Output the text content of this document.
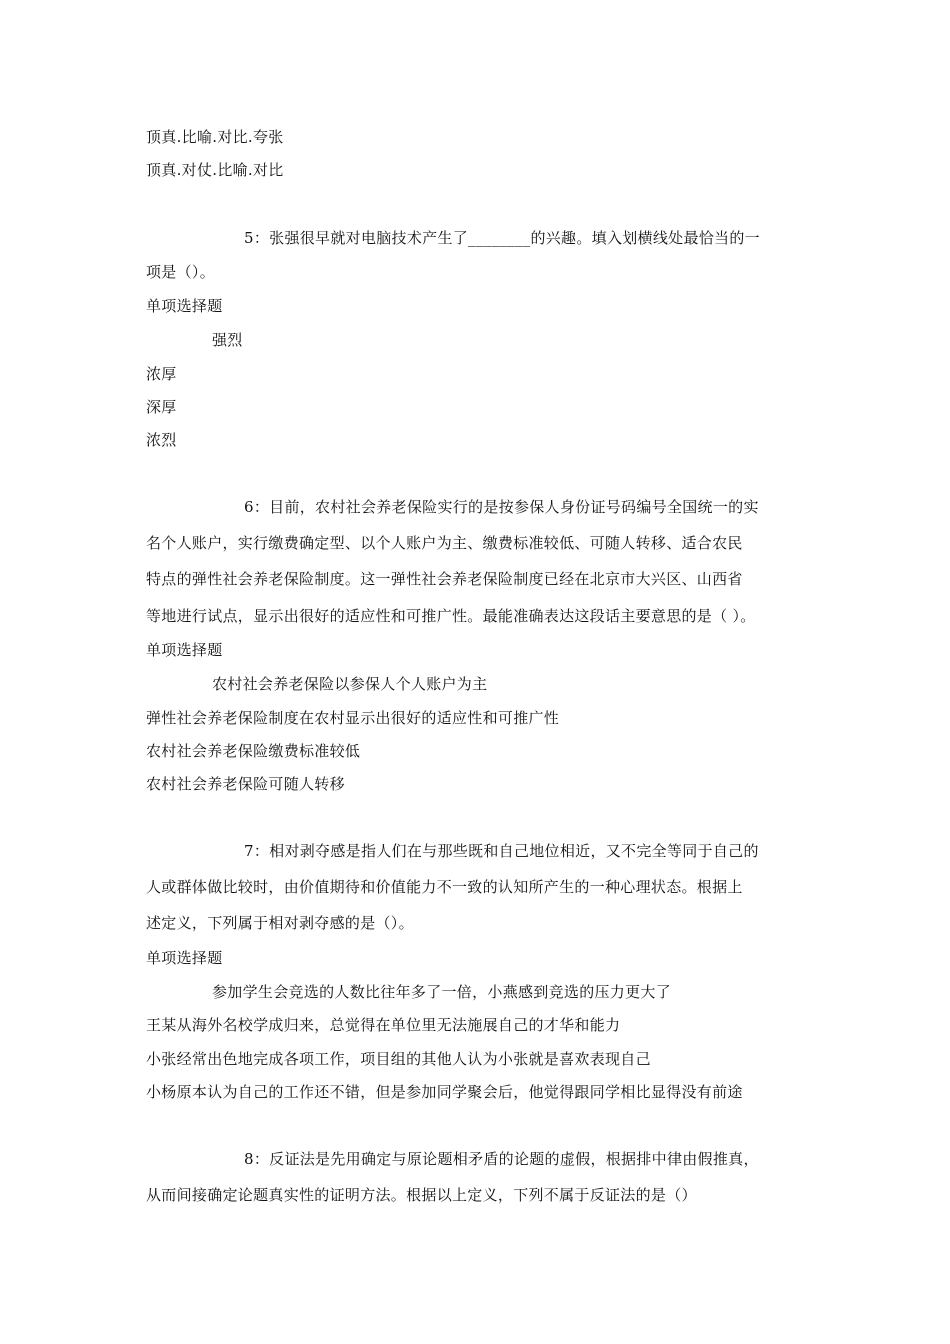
顶真.比喻.对比.夸张
顶真.对仗.比喻.对比
5：张强很早就对电脑技术产生了________的兴趣。填入划横线处最恰当的一
项是（）。
单项选择题
强烈
浓厚
深厚
浓烈
6：目前，农村社会养老保险实行的是按参保人身份证号码编号全国统一的实
名个人账户，实行缴费确定型、以个人账户为主、缴费标准较低、可随人转移、适合农民
特点的弹性社会养老保险制度。这一弹性社会养老保险制度已经在北京市大兴区、山西省
等地进行试点，显示出很好的适应性和可推广性。最能准确表达这段话主要意思的是（ ）。
单项选择题
农村社会养老保险以参保人个人账户为主
弹性社会养老保险制度在农村显示出很好的适应性和可推广性
农村社会养老保险缴费标准较低
农村社会养老保险可随人转移
7：相对剥夺感是指人们在与那些既和自己地位相近，又不完全等同于自己的
人或群体做比较时，由价值期待和价值能力不一致的认知所产生的一种心理状态。根据上
述定义，下列属于相对剥夺感的是（）。
单项选择题
参加学生会竞选的人数比往年多了一倍，小燕感到竞选的压力更大了
王某从海外名校学成归来，总觉得在单位里无法施展自己的才华和能力
小张经常出色地完成各项工作，项目组的其他人认为小张就是喜欢表现自己
小杨原本认为自己的工作还不错，但是参加同学聚会后，他觉得跟同学相比显得没有前途
8：反证法是先用确定与原论题相矛盾的论题的虚假，根据排中律由假推真，
从而间接确定论题真实性的证明方法。根据以上定义，下列不属于反证法的是（）
